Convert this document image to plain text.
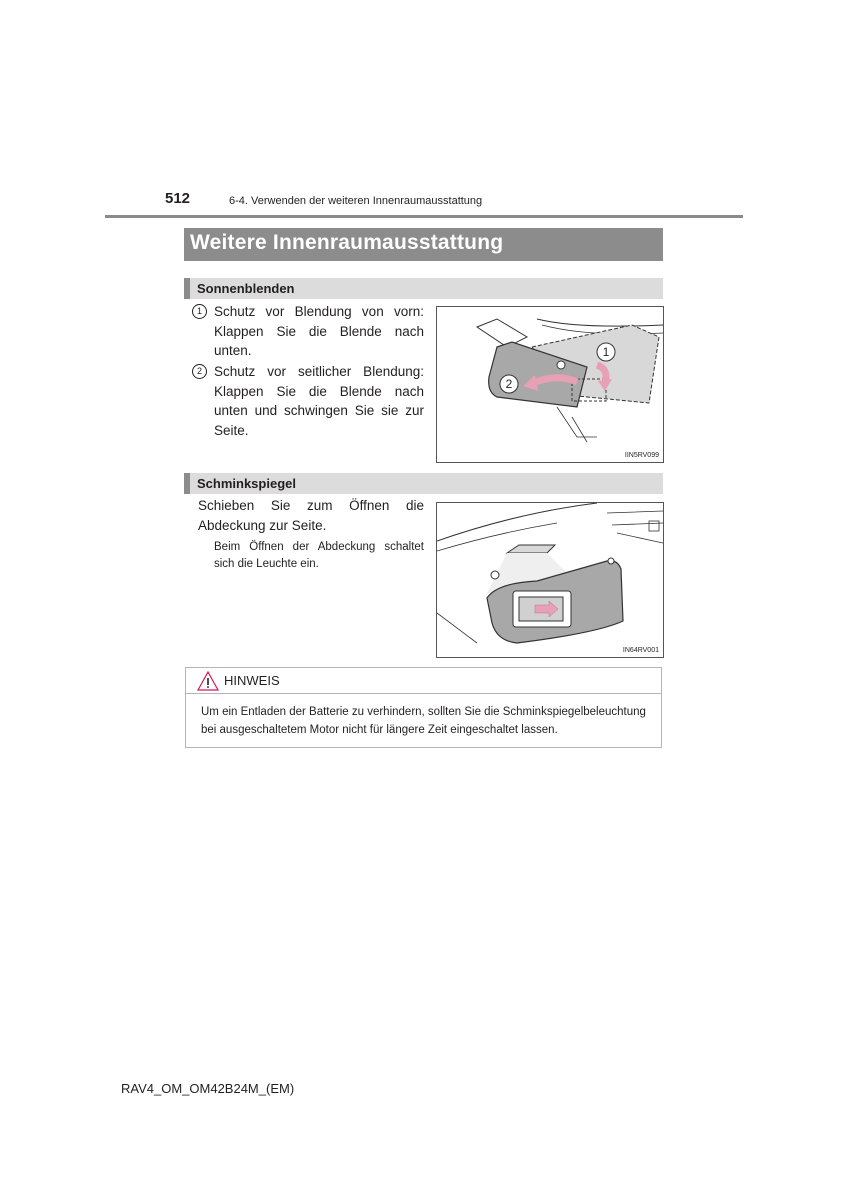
512	6-4. Verwenden der weiteren Innenraumausstattung
Weitere Innenraumausstattung
Sonnenblenden
1 Schutz vor Blendung von vorn: Klappen Sie die Blende nach unten.
2 Schutz vor seitlicher Blendung: Klappen Sie die Blende nach unten und schwingen Sie sie zur Seite.
1
2
IIN5RV099
Schminkspiegel
Schieben Sie zum Öffnen die Abdeckung zur Seite.
Beim Öffnen der Abdeckung schaltet sich die Leuchte ein.
IN64RV001
HINWEIS
Um ein Entladen der Batterie zu verhindern, sollten Sie die Schminkspiegelbeleuchtung bei ausgeschaltetem Motor nicht für längere Zeit eingeschaltet lassen.
RAV4_OM_OM42B24M_(EM)
